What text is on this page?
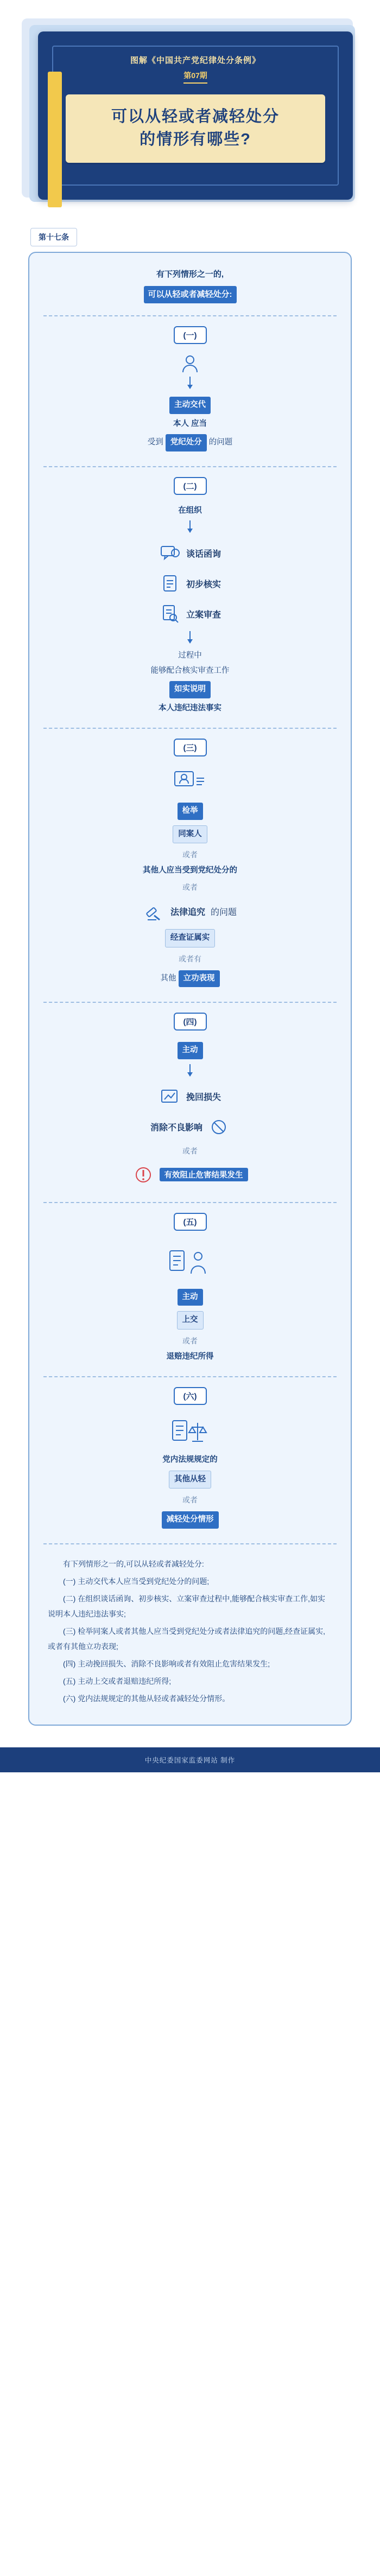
图解《中国共产党纪律处分条例》
第07期
可以从轻或者减轻处分
的情形有哪些?
第十七条
有下列情形之一的,
可以从轻或者减轻处分:
(一)
主动交代
本人 应当
受到 党纪处分 的问题
(二)
在组织
谈话函询
初步核实
立案审查
过程中
能够配合核实审查工作
如实说明
本人违纪违法事实
(三)
检举
同案人
或者
其他人应当受到党纪处分的
或者
法律追究 的问题
经查证属实
或者有
其他 立功表现
(四)
主动
挽回损失
消除不良影响
或者
有效阻止危害结果发生
(五)
主动
上交
或者
退赔违纪所得
(六)
党内法规规定的
其他从轻
或者
减轻处分情形

有下列情形之一的,可以从轻或者减轻处分:

(一) 主动交代本人应当受到党纪处分的问题;

(二) 在组织谈话函询、初步核实、立案审查过程中,能够配合核实审查工作,如实说明本人违纪违法事实;

(三) 检举同案人或者其他人应当受到党纪处分或者法律追究的问题,经查证属实,或者有其他立功表现;

(四) 主动挽回损失、消除不良影响或者有效阻止危害结果发生;

(五) 主动上交或者退赔违纪所得;

(六) 党内法规规定的其他从轻或者减轻处分情形。

中央纪委国家监委网站 制作
